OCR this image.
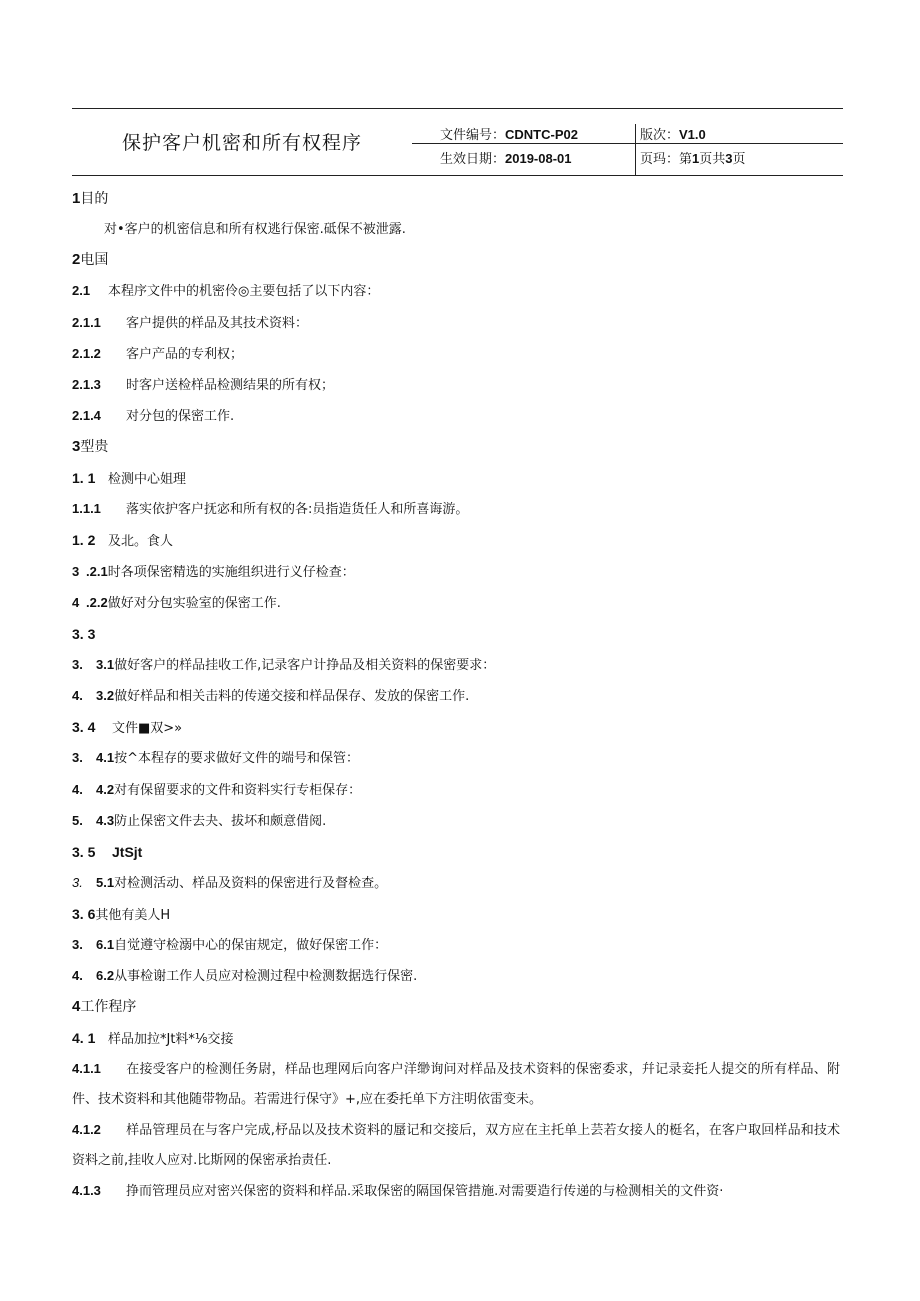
保护客户机密和所有权程序	文件编号：CDNTC-P02	版次：V1.0
生效日期：2019-08-01	页玛：第1页共3页
1目的
对•客户的机密信息和所有权逃行保密.砥保不被泄露.
2电国
2.1 本程序文件中的机密伶◎主要包括了以下内容：
2.1.1 客户提供的样品及其技术资料：
2.1.2 客户产品的专利权；
2.1.3 时客户送检样品检测结果的所有权；
2.1.4 对分包的保密工作.
3型贵
1. 1 检测中心姐理
1.1.1 落实依护客户抚宓和所有权的各:员指造货任人和所喜诲游。
1. 2 及北。食人
3 .2.1时各项保密精选的实施组织进行义仔检查：
4 .2.2做好对分包实验室的保密工作.
3. 3
3. 3.1做好客户的样品挂收工作,记录客户计挣品及相关资料的保密要求：
4. 3.2做好样品和相关击料的传递交接和样品保存、发放的保密工作.
3. 4 文件■双>»
3. 4.1按^本程存的要求做好文件的端号和保管：
4. 4.2对有保留要求的文件和资料实行专柜保存：
5. 4.3防止保密文件去夬、拔坏和颇意借阅.
3. 5 JtSjt
3. 5.1对检测活动、样品及资料的保密进行及督检查。
3. 6其他有美人H
3. 6.1自觉遵守检溺中心的保宙规定，做好保密工作：
4. 6.2从事检谢工作人员应对检测过程中检测数据选行保密.
4工作程序
4. 1 样品加拉*Jt料*⅛交接
4.1.1 在接受客户的检测任务尉，样品也理网后向客户洋缈询问对样品及技术资料的保密委求，幷记录妾托人提交的所有样品、附件、技术资料和其他随带物品。若需进行保守》+,应在委托单下方注明依雷变未。
4.1.2 样品管理员在与客户完成,杼品以及技术资料的蜃记和交接后，双方应在主托单上芸若女接人的梃名，在客户取回样品和技术资料之前,挂收人应对.比斯网的保密承抬责任.
4.1.3 挣而管理员应对密兴保密的资料和样品.采取保密的隔国保管措施.对需要造行传递的与检测相关的文件资·
